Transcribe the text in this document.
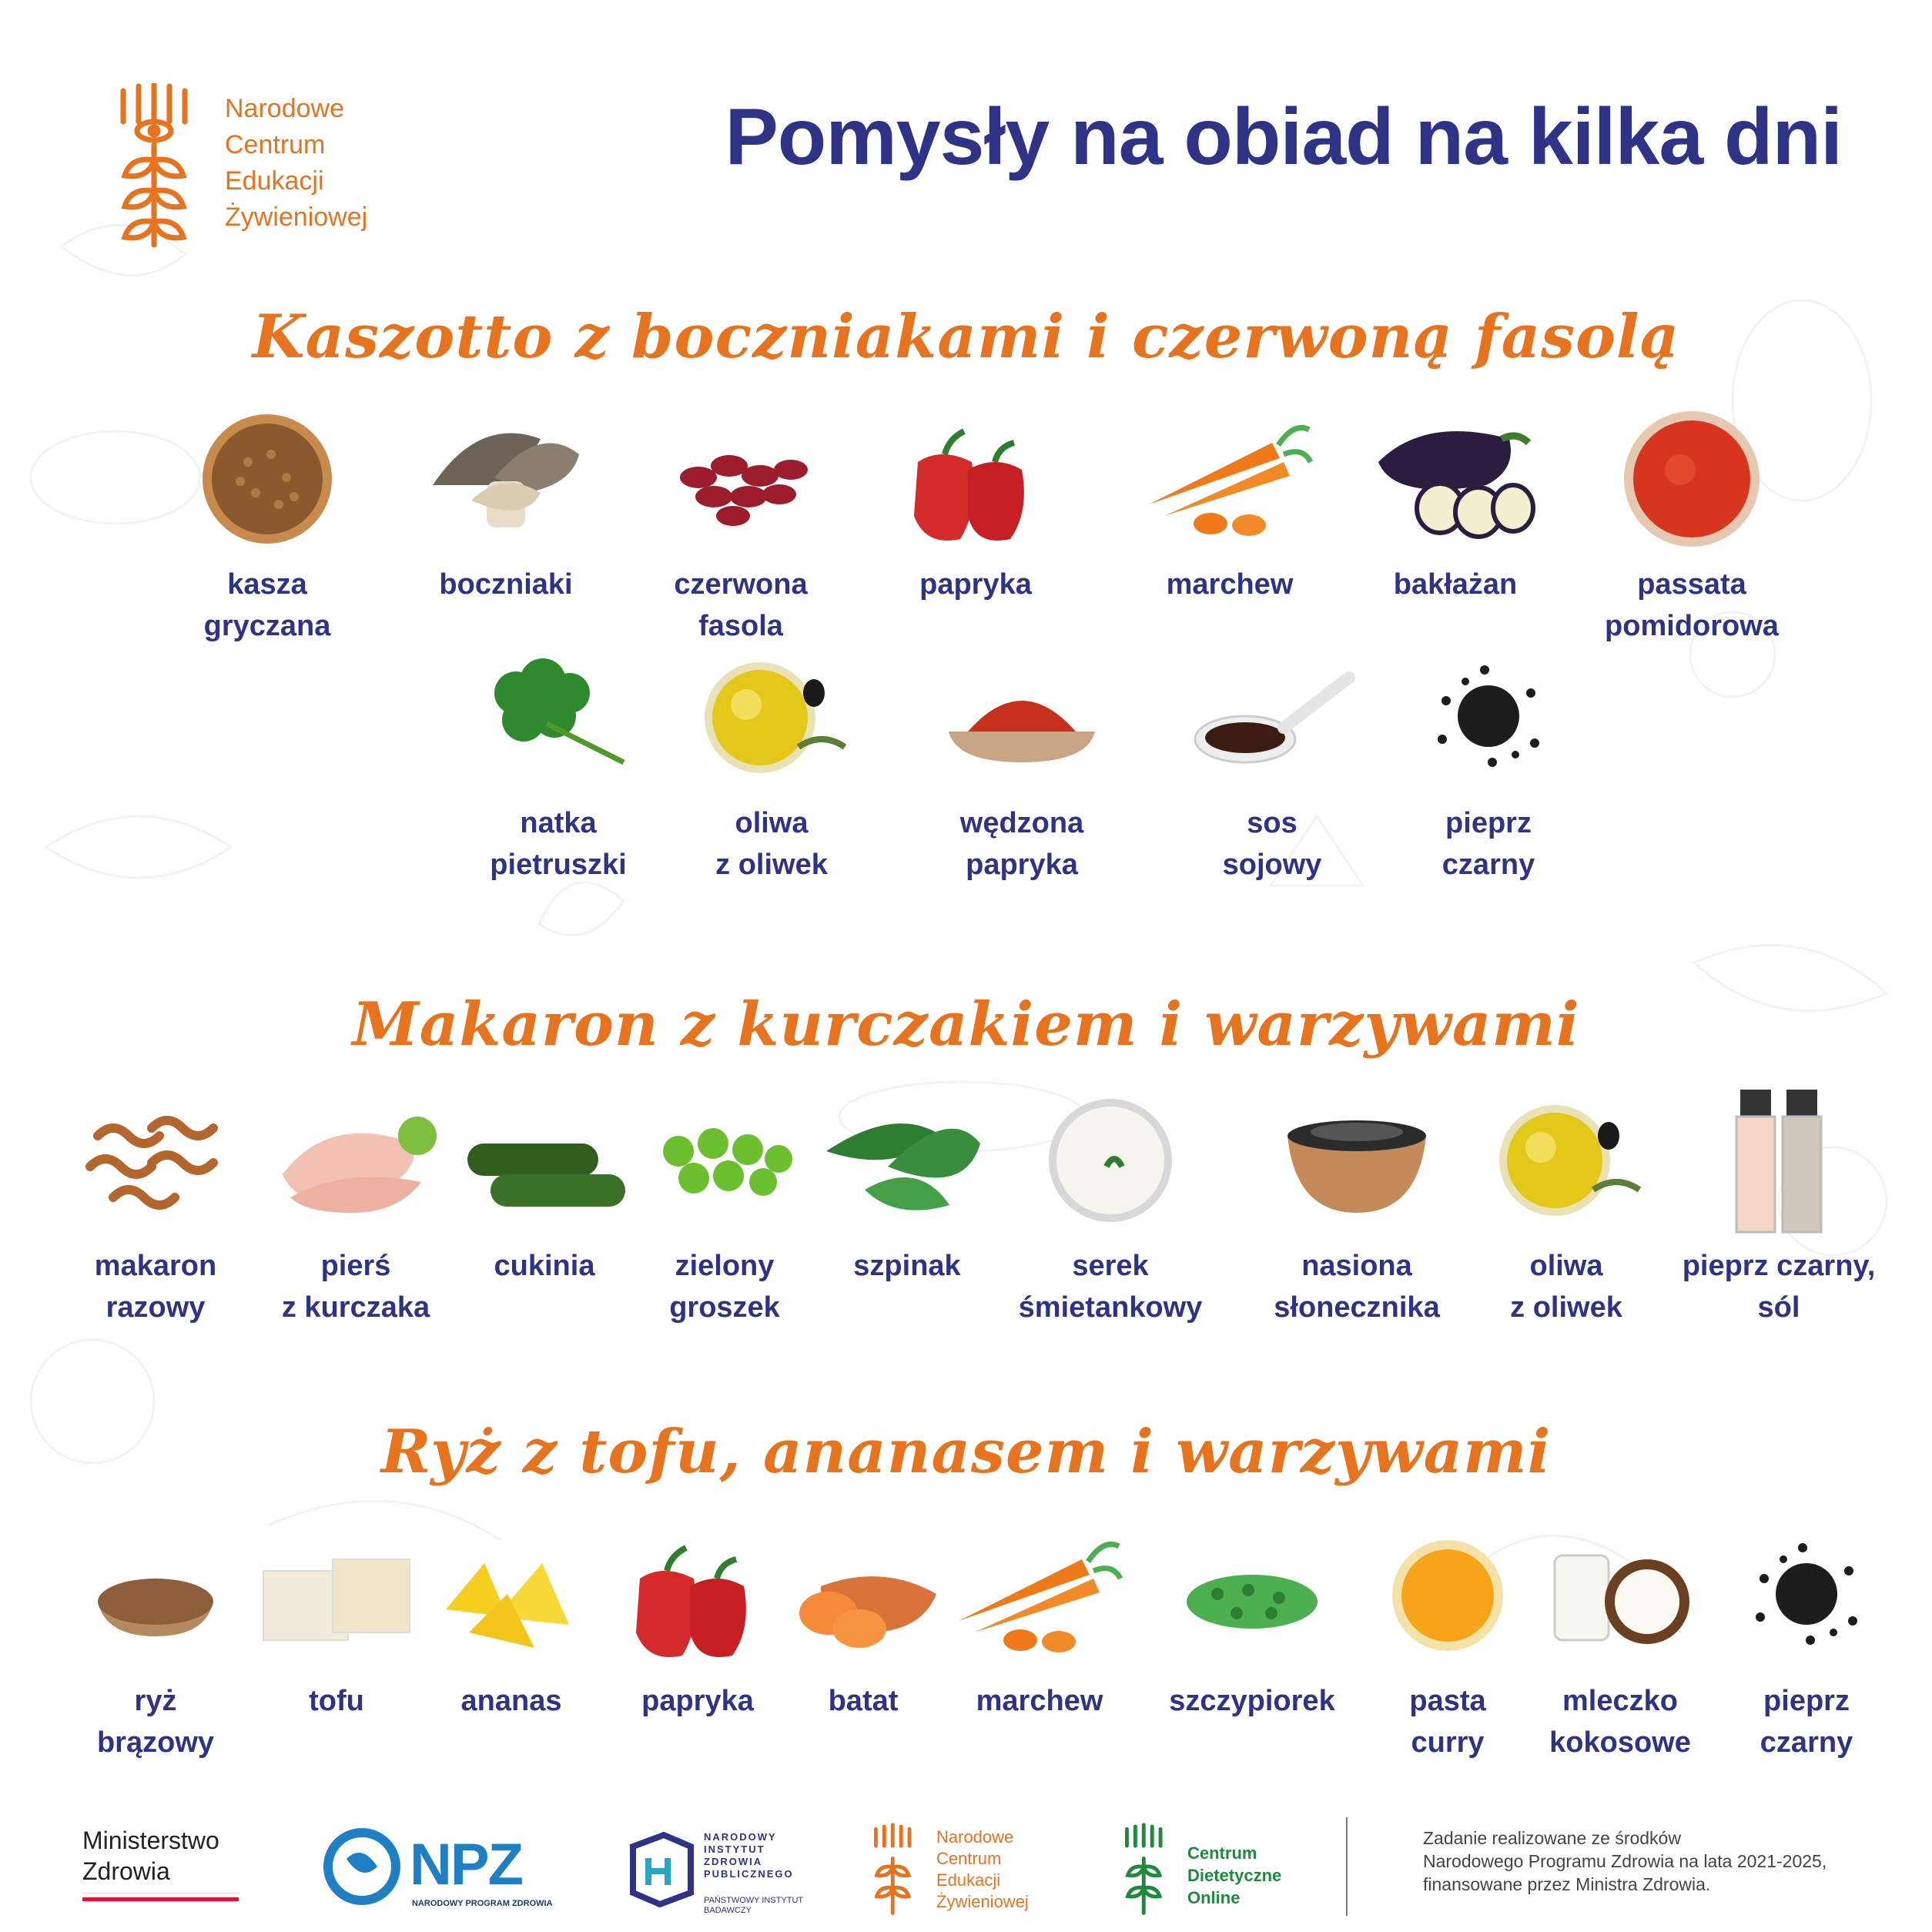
Narodowe
Centrum
Edukacji
Żywieniowej
Pomysły na obiad na kilka dni
Kaszotto z boczniakami i czerwoną fasolą
kasza
gryczana
boczniaki	czerwona
fasola
papryka	marchew	bakłażan	passata
pomidorowa
natka
pietruszki
oliwa
z oliwek
wędzona
papryka
sos
sojowy
pieprz
czarny
Makaron z kurczakiem i warzywami
makaron
razowy
pierś
z kurczaka
cukinia	zielony
groszek
szpinak	serek
śmietankowy
nasiona
słonecznika
oliwa
z oliwek
pieprz czarny,
sól
Ryż z tofu, ananasem i warzywami
ryż
brązowy
tofu	ananas	papryka	batat	marchew	szczypiorek	pasta
curry
mleczko
kokosowe
pieprz
czarny
Ministerstwo
Zdrowia	NPZ
NARODOWY PROGRAM ZDROWIA
NARODOWY
INSTYTUT
ZDROWIA
PUBLICZNEGO
PAŃSTWOWY INSTYTUT
BADAWCZY
Narodowe
Centrum
Edukacji
Żywieniowej
Centrum
Dietetyczne
Online
Zadanie realizowane ze środków
Narodowego Programu Zdrowia na lata 2021-2025,
finansowane przez Ministra Zdrowia.
